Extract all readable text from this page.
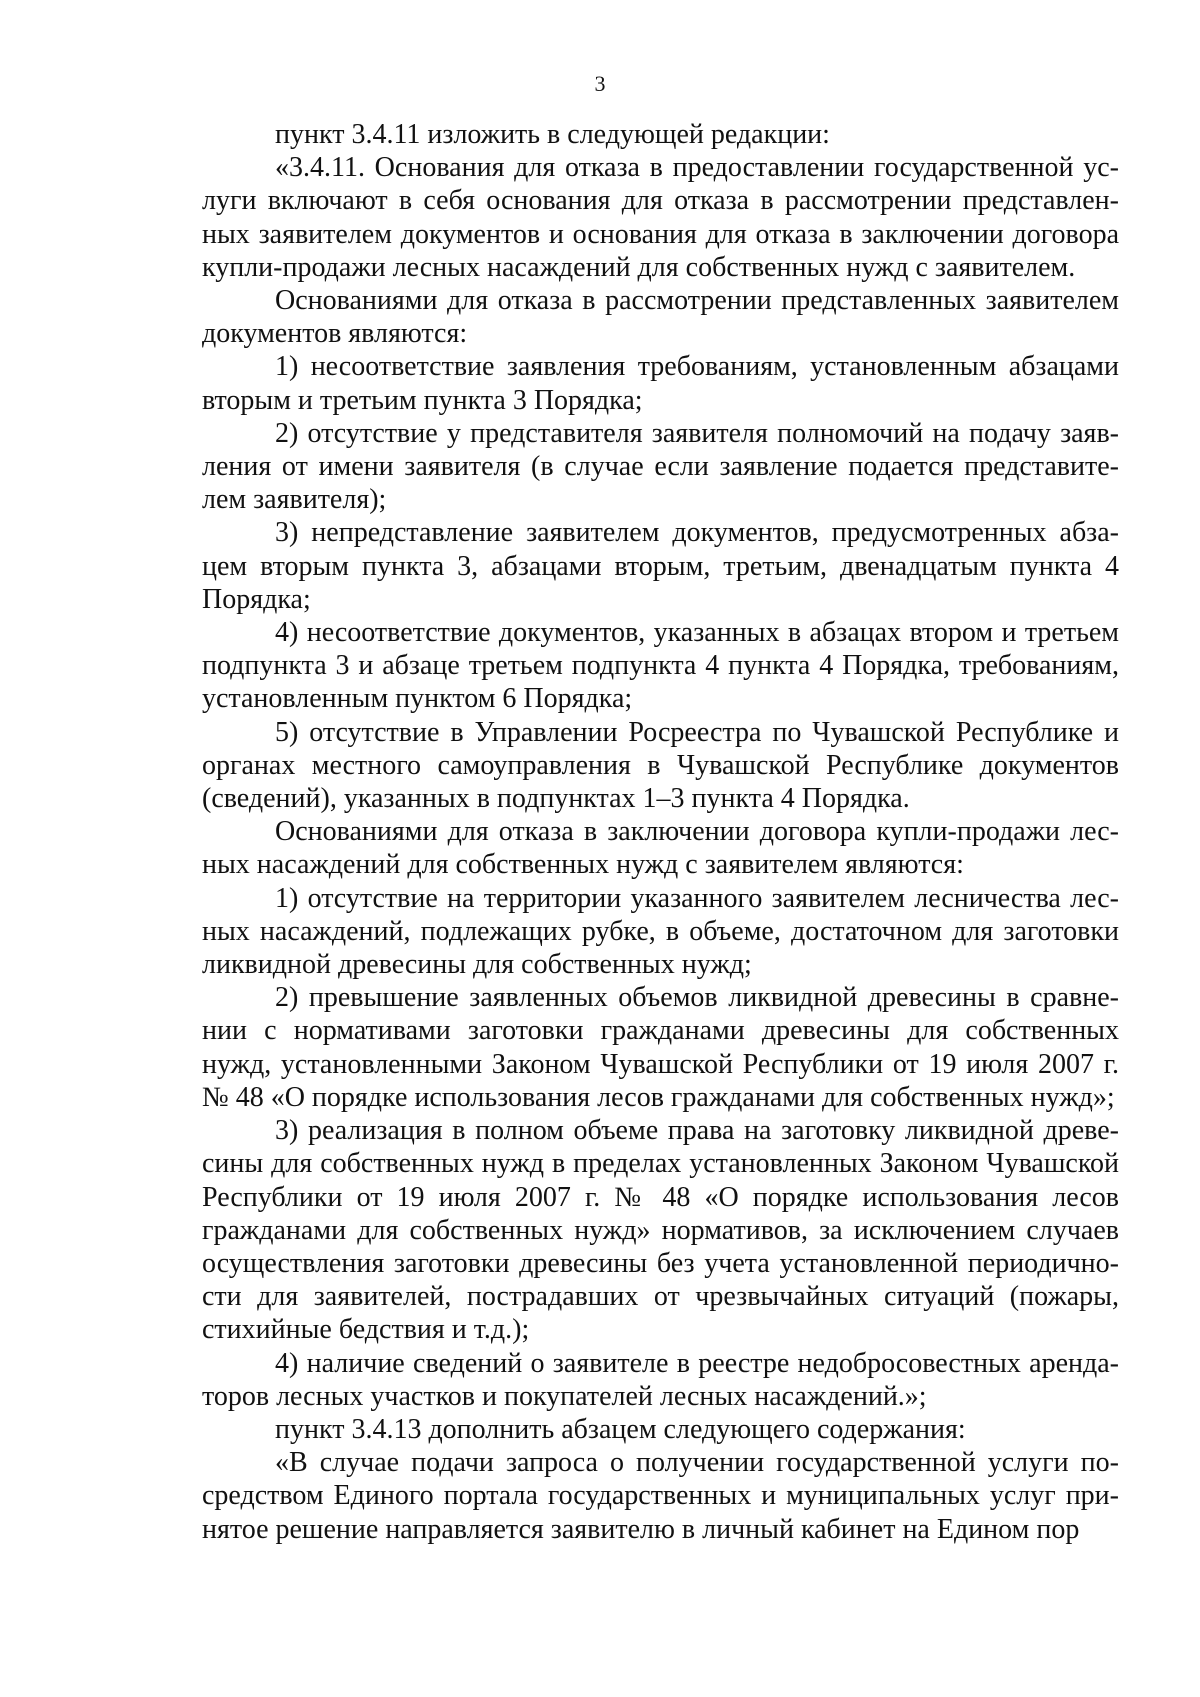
3

пункт 3.4.11 изложить в следующей редакции:

«3.4.11. Основания для отказа в предоставлении государственной услуги включают в себя основания для отказа в рассмотрении представленных заявителем документов и основания для отказа в заключении договора купли-продажи лесных насаждений для собственных нужд с заявителем.

Основаниями для отказа в рассмотрении представленных заявителем документов являются:

1) несоответствие заявления требованиям, установленным абзацами вторым и третьим пункта 3 Порядка;

2) отсутствие у представителя заявителя полномочий на подачу заявления от имени заявителя (в случае если заявление подается представителем заявителя);

3) непредставление заявителем документов, предусмотренных абзацем вторым пункта 3, абзацами вторым, третьим, двенадцатым пункта 4 Порядка;

4) несоответствие документов, указанных в абзацах втором и третьем подпункта 3 и абзаце третьем подпункта 4 пункта 4 Порядка, требованиям, установленным пунктом 6 Порядка;

5) отсутствие в Управлении Росреестра по Чувашской Республике и органах местного самоуправления в Чувашской Республике документов (сведений), указанных в подпунктах 1–3 пункта 4 Порядка.

Основаниями для отказа в заключении договора купли-продажи лесных насаждений для собственных нужд с заявителем являются:

1) отсутствие на территории указанного заявителем лесничества лесных насаждений, подлежащих рубке, в объеме, достаточном для заготовки ликвидной древесины для собственных нужд;

2) превышение заявленных объемов ликвидной древесины в сравнении с нормативами заготовки гражданами древесины для собственных нужд, установленными Законом Чувашской Республики от 19 июля 2007 г. № 48 «О порядке использования лесов гражданами для собственных нужд»;

3) реализация в полном объеме права на заготовку ликвидной древесины для собственных нужд в пределах установленных Законом Чувашской Республики от 19 июля 2007 г. № 48 «О порядке использования лесов гражданами для собственных нужд» нормативов, за исключением случаев осуществления заготовки древесины без учета установленной периодичности для заявителей, пострадавших от чрезвычайных ситуаций (пожары, стихийные бедствия и т.д.);

4) наличие сведений о заявителе в реестре недобросовестных арендаторов лесных участков и покупателей лесных насаждений.»;

пункт 3.4.13 дополнить абзацем следующего содержания:

«В случае подачи запроса о получении государственной услуги посредством Единого портала государственных и муниципальных услуг принятое решение направляется заявителю в личный кабинет на Едином пор
